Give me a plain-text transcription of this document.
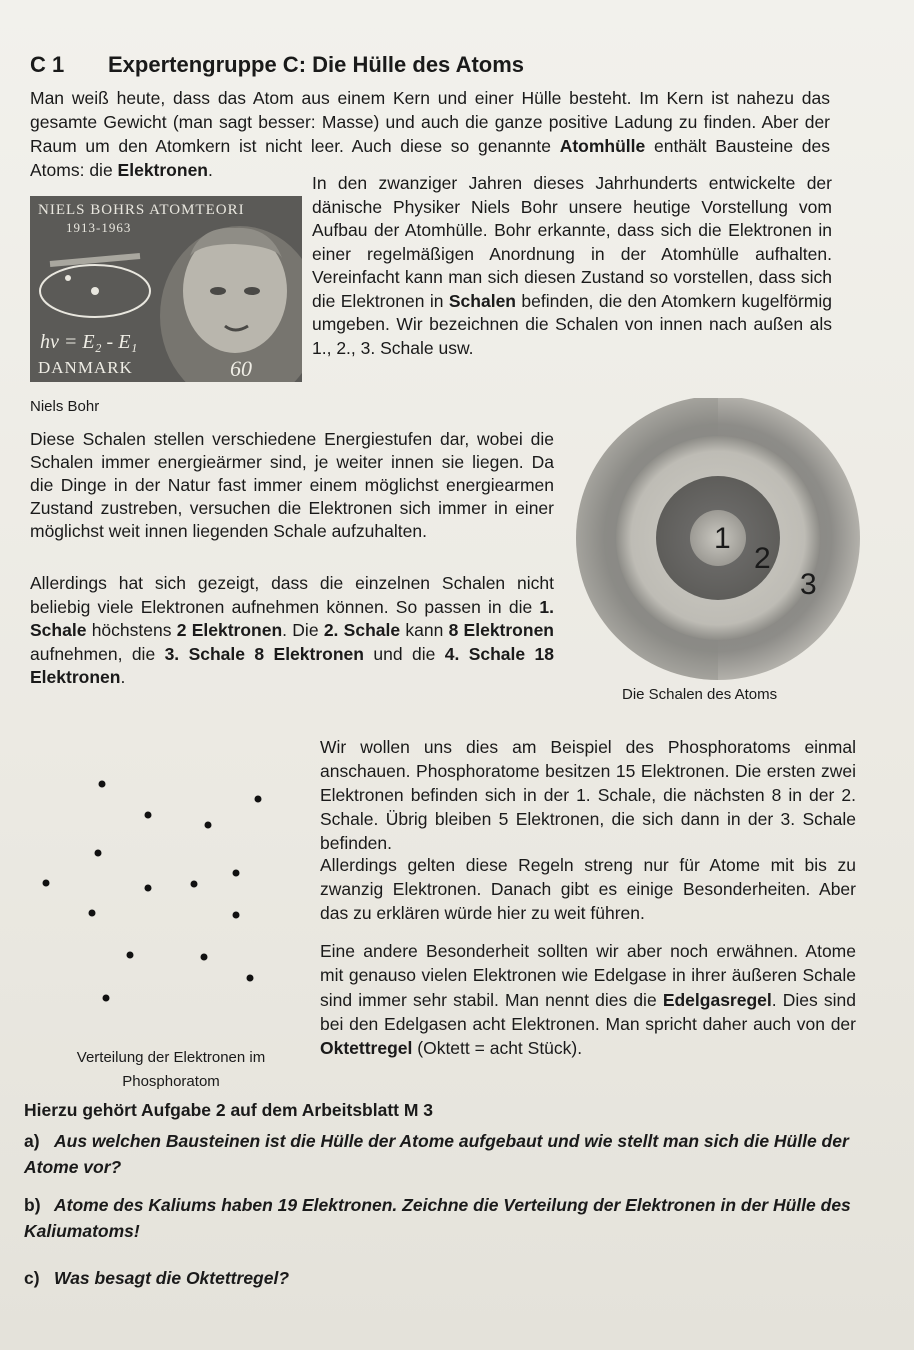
C 1 Expertengruppe C: Die Hülle des Atoms

Man weiß heute, dass das Atom aus einem Kern und einer Hülle besteht. Im Kern ist nahezu das gesamte Gewicht (man sagt besser: Masse) und auch die ganze positive Ladung zu finden. Aber der Raum um den Atomkern ist nicht leer. Auch diese so genannte Atomhülle enthält Bausteine des Atoms: die Elektronen.

NIELS BOHRS ATOMTEORI
1913-1963
hν = E₂ - E₁
DANMARK	60
Niels Bohr

In den zwanziger Jahren dieses Jahrhunderts entwickelte der dänische Physiker Niels Bohr unsere heutige Vorstellung vom Aufbau der Atomhülle. Bohr erkannte, dass sich die Elektronen in einer regelmäßigen Anordnung in der Atomhülle aufhalten. Vereinfacht kann man sich diesen Zustand so vorstellen, dass sich die Elektronen in Schalen befinden, die den Atomkern kugelförmig umgeben. Wir bezeichnen die Schalen von innen nach außen als 1., 2., 3. Schale usw.

Diese Schalen stellen verschiedene Energiestufen dar, wobei die Schalen immer energieärmer sind, je weiter innen sie liegen. Da die Dinge in der Natur fast immer einem möglichst energiearmen Zustand zustreben, versuchen die Elektronen sich immer in einer möglichst weit innen liegenden Schale aufzuhalten.

Allerdings hat sich gezeigt, dass die einzelnen Schalen nicht beliebig viele Elektronen aufnehmen können. So passen in die 1. Schale höchstens 2 Elektronen. Die 2. Schale kann 8 Elektronen aufnehmen, die 3. Schale 8 Elektronen und die 4. Schale 18 Elektronen.

1
2
3
Die Schalen des Atoms
Verteilung der Elektronen im Phosphoratom

Wir wollen uns dies am Beispiel des Phosphoratoms einmal anschauen. Phosphoratome besitzen 15 Elektronen. Die ersten zwei Elektronen befinden sich in der 1. Schale, die nächsten 8 in der 2. Schale. Übrig bleiben 5 Elektronen, die sich dann in der 3. Schale befinden.

Allerdings gelten diese Regeln streng nur für Atome mit bis zu zwanzig Elektronen. Danach gibt es einige Besonderheiten. Aber das zu erklären würde hier zu weit führen.

Eine andere Besonderheit sollten wir aber noch erwähnen. Atome mit genauso vielen Elektronen wie Edelgase in ihrer äußeren Schale sind immer sehr stabil. Man nennt dies die Edelgasregel. Dies sind bei den Edelgasen acht Elektronen. Man spricht daher auch von der Oktettregel (Oktett = acht Stück).

Hierzu gehört Aufgabe 2 auf dem Arbeitsblatt M 3

a) Aus welchen Bausteinen ist die Hülle der Atome aufgebaut und wie stellt man sich die Hülle der Atome vor?

b) Atome des Kaliums haben 19 Elektronen. Zeichne die Verteilung der Elektronen in der Hülle des Kaliumatoms!

c) Was besagt die Oktettregel?
